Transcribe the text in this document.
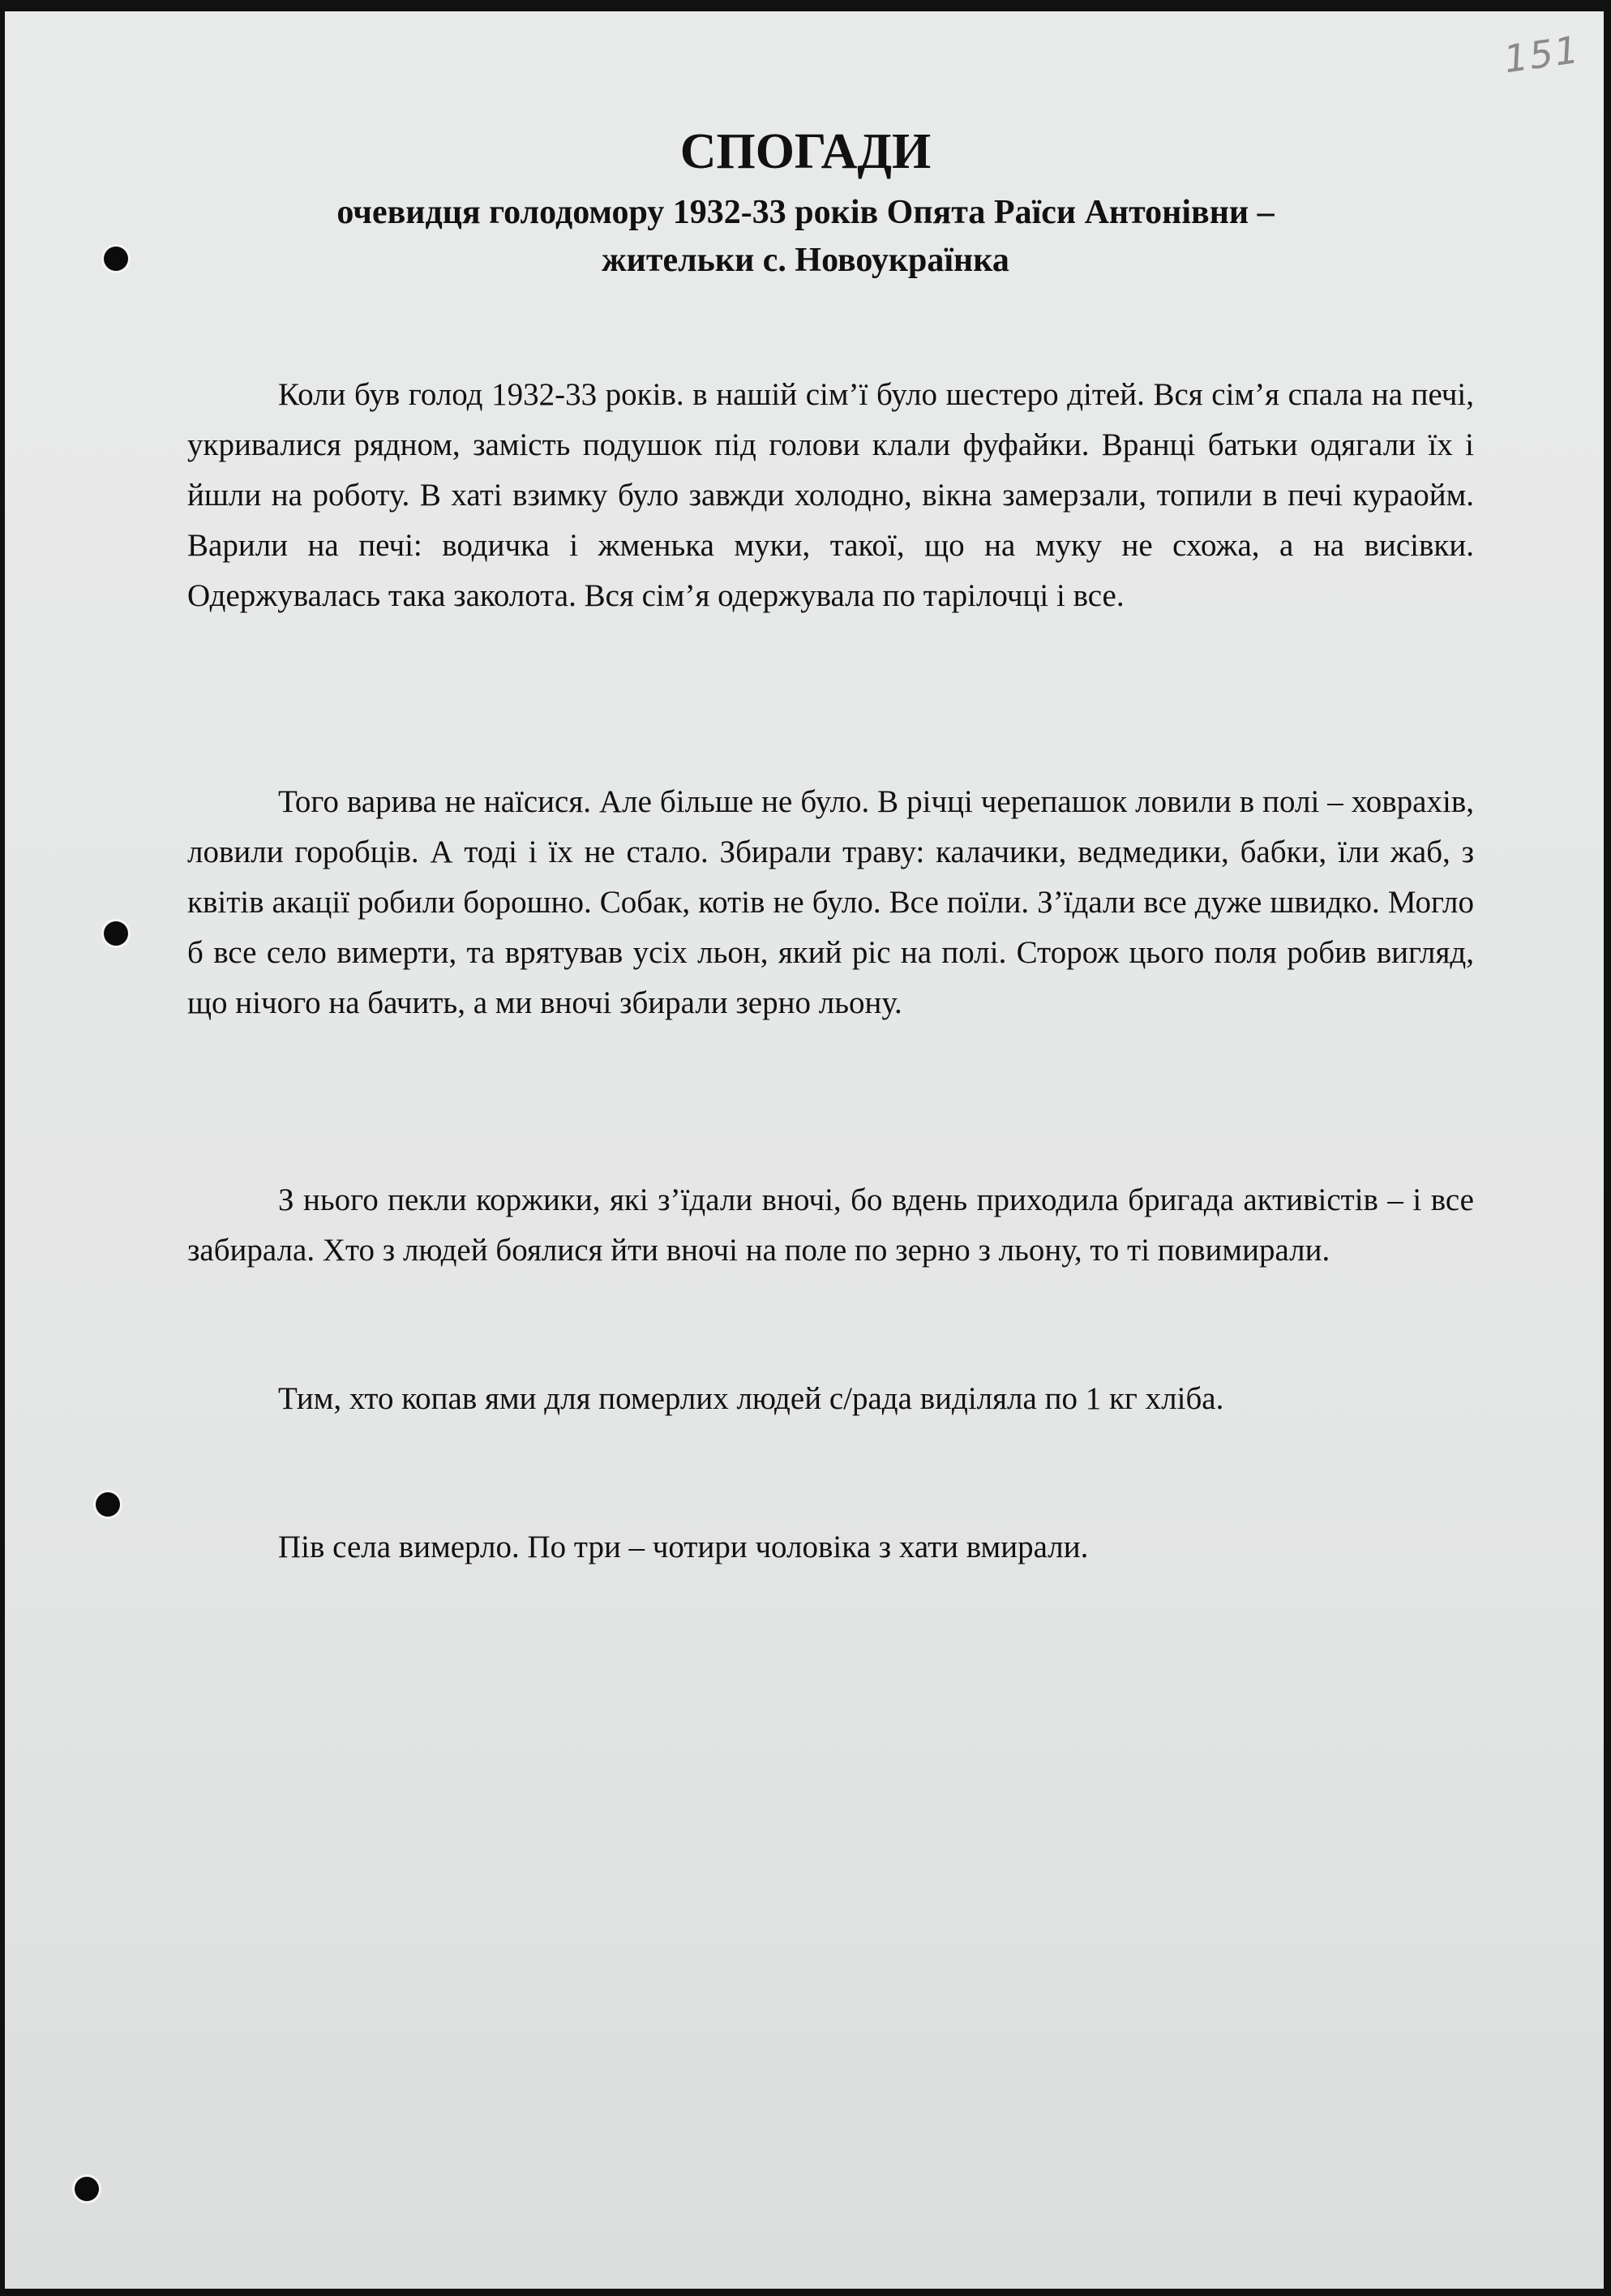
151
СПОГАДИ
очевидця голодомору 1932-33 років Опята Раїси Антонівни –
жительки с. Новоукраїнка

Коли був голод 1932-33 років. в нашій сім’ї було шестеро дітей. Вся сім’я спала на печі, укривалися рядном, замість подушок під голови клали фуфайки. Вранці батьки одягали їх і йшли на роботу. В хаті взимку було завжди холодно, вікна замерзали, топили в печі кураойм. Варили на печі: водичка і жменька муки, такої, що на муку не схожа, а на висівки. Одержувалась така заколота. Вся сім’я одержувала по тарілочці і все.

Того варива не наїсися. Але більше не було. В річці черепашок ловили в полі – ховрахів, ловили горобців. А тоді і їх не стало. Збирали траву: калачики, ведмедики, бабки, їли жаб, з квітів акації робили борошно. Собак, котів не було. Все поїли. З’їдали все дуже швидко. Могло б все село вимерти, та врятував усіх льон, який ріс на полі. Сторож цього поля робив вигляд, що нічого на бачить, а ми вночі збирали зерно льону.

З нього пекли коржики, які з’їдали вночі, бо вдень приходила бригада активістів – і все забирала. Хто з людей боялися йти вночі на поле по зерно з льону, то ті повимирали.

Тим, хто копав ями для померлих людей с/рада виділяла по 1 кг хліба.

Пів села вимерло. По три – чотири чоловіка з хати вмирали.
